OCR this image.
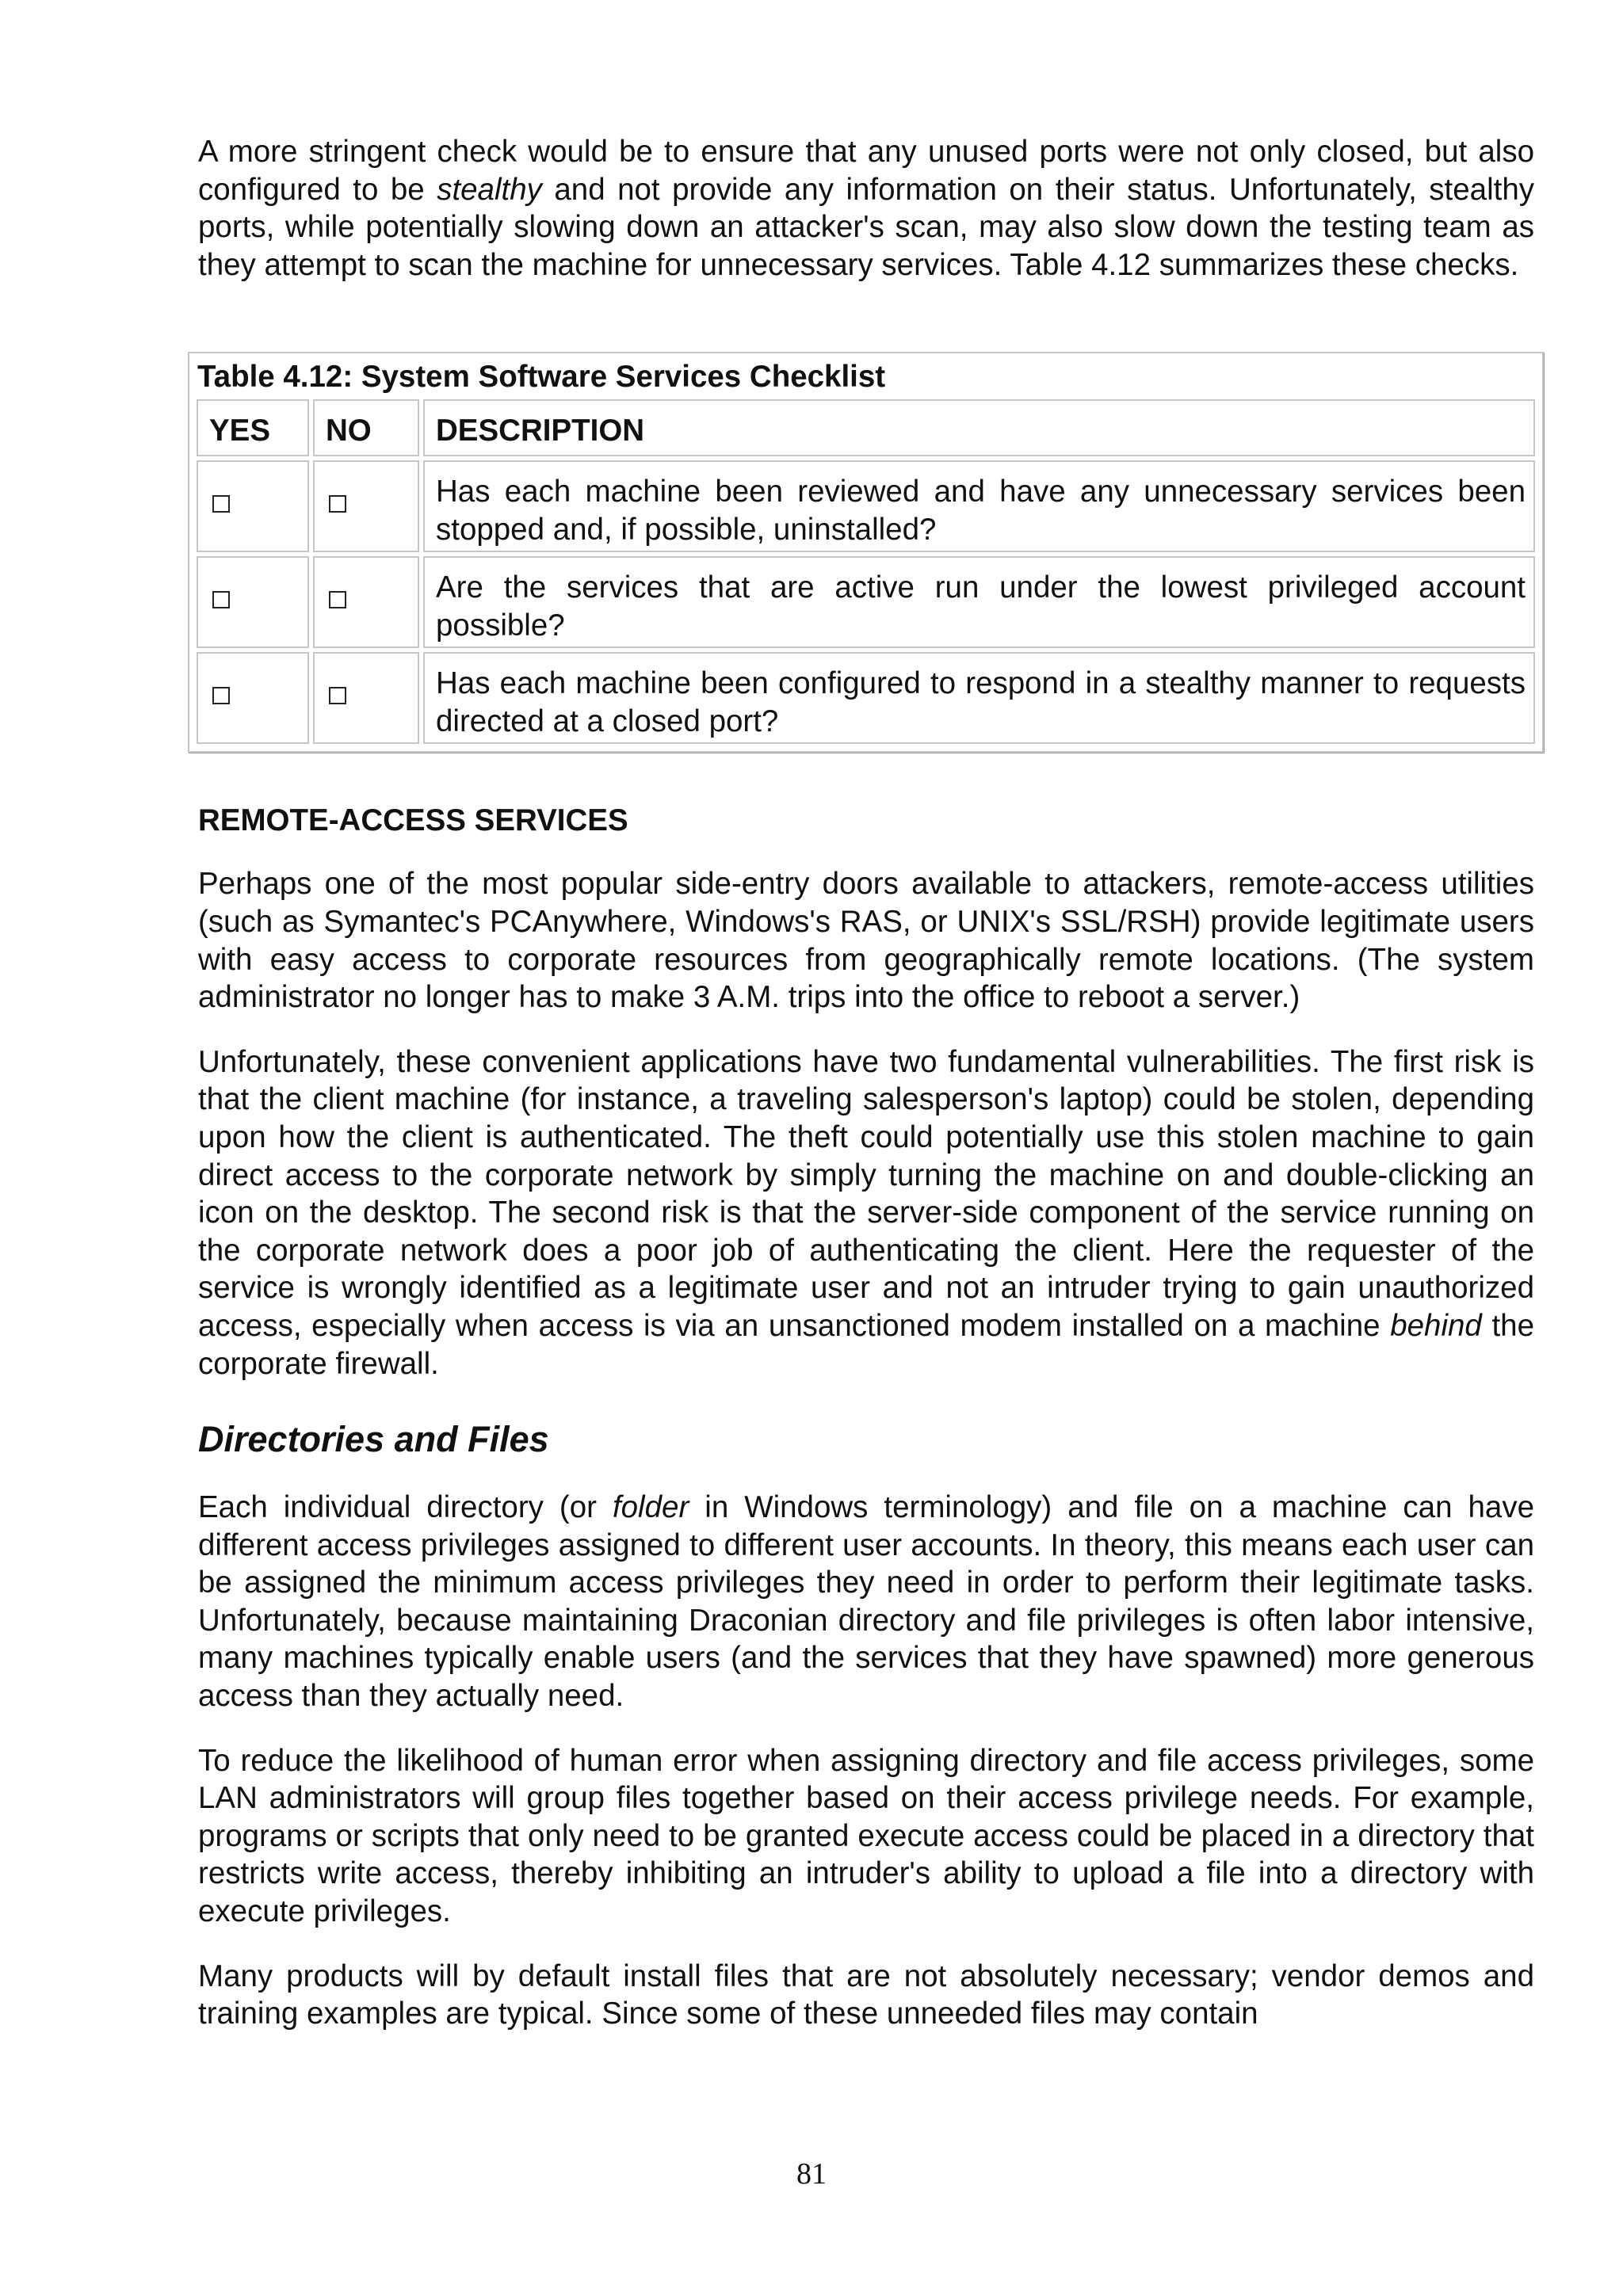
A more stringent check would be to ensure that any unused ports were not only closed, but also configured to be stealthy and not provide any information on their status. Unfortunately, stealthy ports, while potentially slowing down an attacker's scan, may also slow down the testing team as they attempt to scan the machine for unnecessary services. Table 4.12 summarizes these checks.

Table 4.12: System Software Services Checklist
YES	NO	DESCRIPTION
		Has each machine been reviewed and have any unnecessary services been stopped and, if possible, uninstalled?
		Are the services that are active run under the lowest privileged account possible?
		Has each machine been configured to respond in a stealthy manner to requests directed at a closed port?
REMOTE-ACCESS SERVICES

Perhaps one of the most popular side-entry doors available to attackers, remote-access utilities (such as Symantec's PCAnywhere, Windows's RAS, or UNIX's SSL/RSH) provide legitimate users with easy access to corporate resources from geographically remote locations. (The system administrator no longer has to make 3 A.M. trips into the office to reboot a server.)

Unfortunately, these convenient applications have two fundamental vulnerabilities. The first risk is that the client machine (for instance, a traveling salesperson's laptop) could be stolen, depending upon how the client is authenticated. The theft could potentially use this stolen machine to gain direct access to the corporate network by simply turning the machine on and double-clicking an icon on the desktop. The second risk is that the server-side component of the service running on the corporate network does a poor job of authenticating the client. Here the requester of the service is wrongly identified as a legitimate user and not an intruder trying to gain unauthorized access, especially when access is via an unsanctioned modem installed on a machine behind the corporate firewall.

Directories and Files

Each individual directory (or folder in Windows terminology) and file on a machine can have different access privileges assigned to different user accounts. In theory, this means each user can be assigned the minimum access privileges they need in order to perform their legitimate tasks. Unfortunately, because maintaining Draconian directory and file privileges is often labor intensive, many machines typically enable users (and the services that they have spawned) more generous access than they actually need.

To reduce the likelihood of human error when assigning directory and file access privileges, some LAN administrators will group files together based on their access privilege needs. For example, programs or scripts that only need to be granted execute access could be placed in a directory that restricts write access, thereby inhibiting an intruder's ability to upload a file into a directory with execute privileges.

Many products will by default install files that are not absolutely necessary; vendor demos and training examples are typical. Since some of these unneeded files may contain

81
